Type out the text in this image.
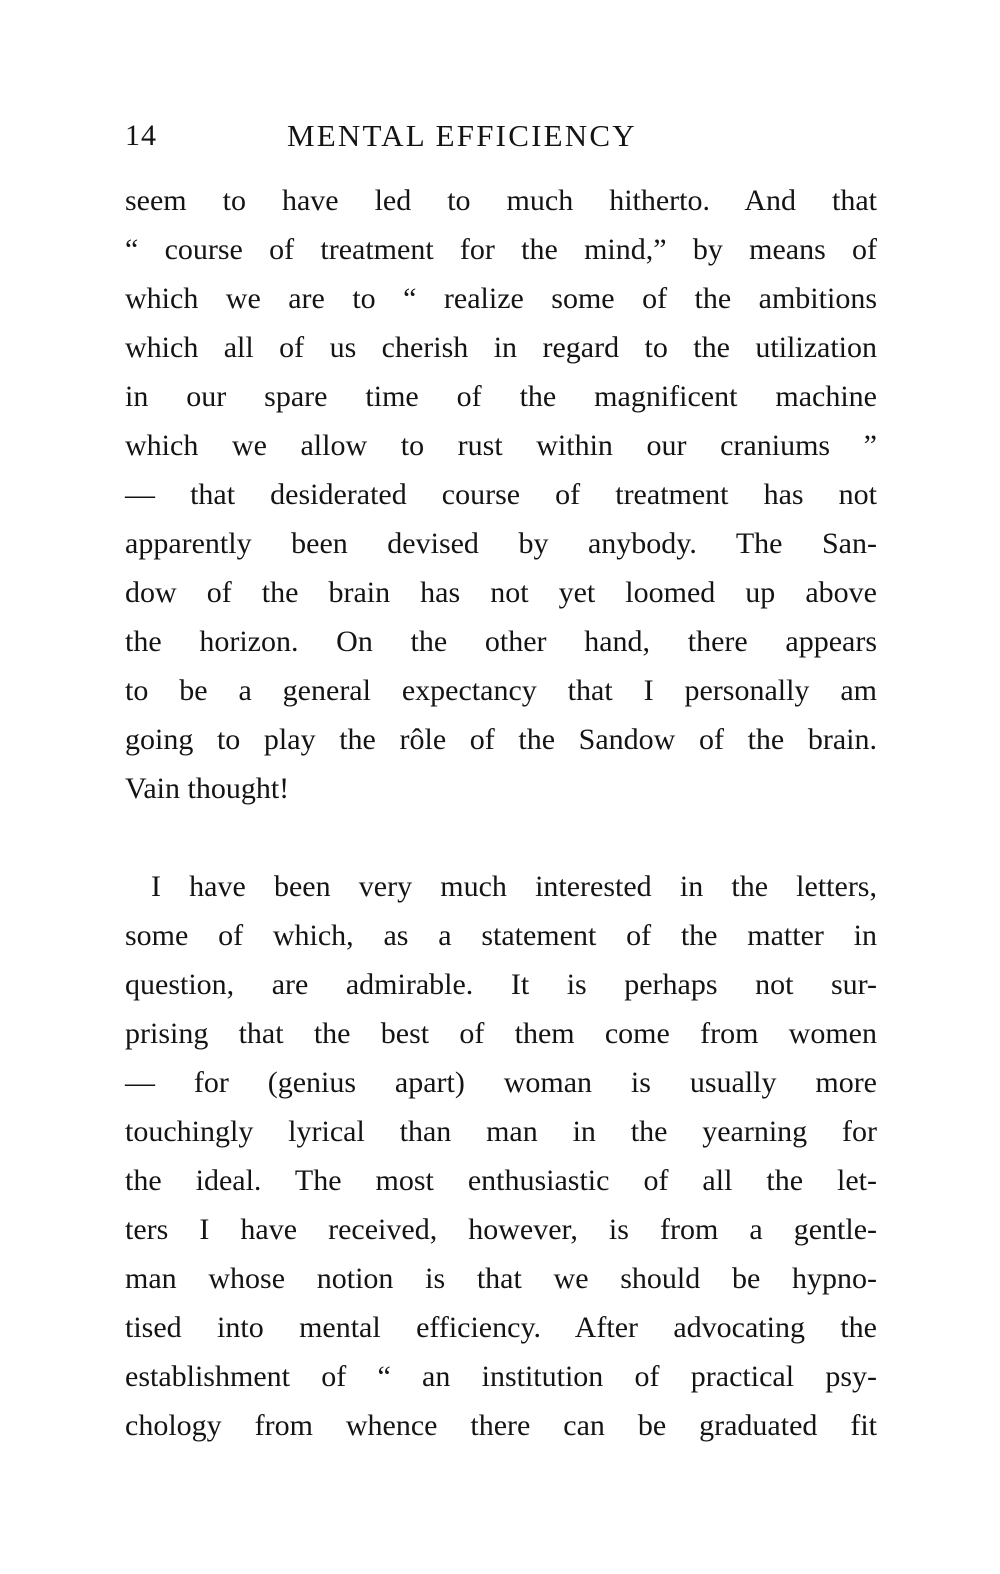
14	MENTAL EFFICIENCY
seem to have led to much hitherto. And that
“ course of treatment for the mind,” by means of
which we are to “ realize some of the ambitions
which all of us cherish in regard to the utilization
in our spare time of the magnificent machine
which we allow to rust within our craniums ”
— that desiderated course of treatment has not
apparently been devised by anybody. The San-
dow of the brain has not yet loomed up above
the horizon. On the other hand, there appears
to be a general expectancy that I personally am
going to play the rôle of the Sandow of the brain.
Vain thought!
I have been very much interested in the letters,
some of which, as a statement of the matter in
question, are admirable. It is perhaps not sur-
prising that the best of them come from women
— for (genius apart) woman is usually more
touchingly lyrical than man in the yearning for
the ideal. The most enthusiastic of all the let-
ters I have received, however, is from a gentle-
man whose notion is that we should be hypno-
tised into mental efficiency. After advocating the
establishment of “ an institution of practical psy-
chology from whence there can be graduated fit
